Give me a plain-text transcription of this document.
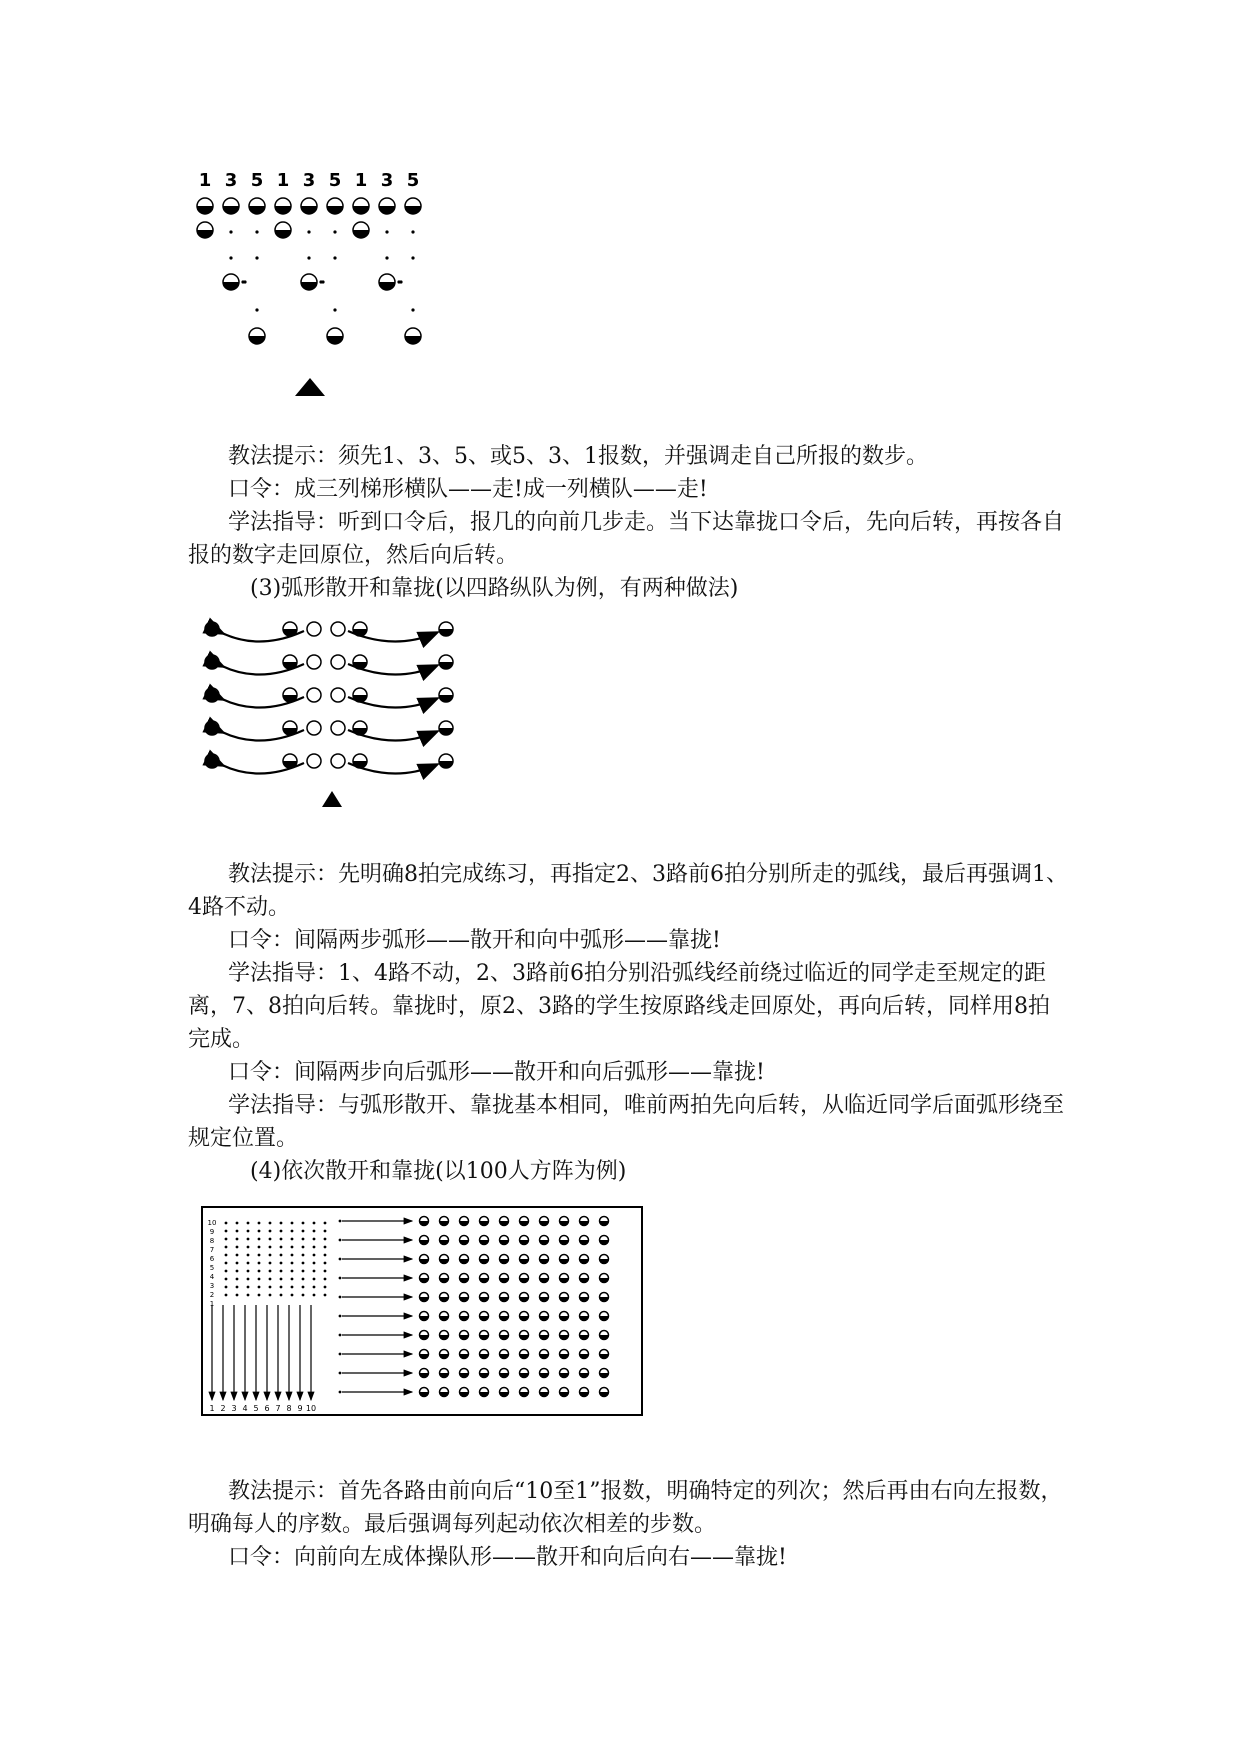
1 3 5 1 3 5 1 3 5

教法提示：须先1、3、5、或5、3、1报数，并强调走自己所报的数步。

口令：成三列梯形横队——走!成一列横队——走!

学法指导：听到口令后，报几的向前几步走。当下达靠拢口令后，先向后转，再按各自报的数字走回原位，然后向后转。

(3)弧形散开和靠拢(以四路纵队为例，有两种做法)

教法提示：先明确8拍完成练习，再指定2、3路前6拍分别所走的弧线，最后再强调1、4路不动。

口令：间隔两步弧形——散开和向中弧形——靠拢!

学法指导：1、4路不动，2、3路前6拍分别沿弧线经前绕过临近的同学走至规定的距离，7、8拍向后转。靠拢时，原2、3路的学生按原路线走回原处，再向后转，同样用8拍完成。

口令：间隔两步向后弧形——散开和向后弧形——靠拢!

学法指导：与弧形散开、靠拢基本相同，唯前两拍先向后转，从临近同学后面弧形绕至规定位置。

(4)依次散开和靠拢(以100人方阵为例)

10
9
8
7
6
5
4
3
2
1
1 2 3 4 5 6 7 8 9 10

教法提示：首先各路由前向后“10至1”报数，明确特定的列次；然后再由右向左报数，明确每人的序数。最后强调每列起动依次相差的步数。

口令：向前向左成体操队形——散开和向后向右——靠拢!
